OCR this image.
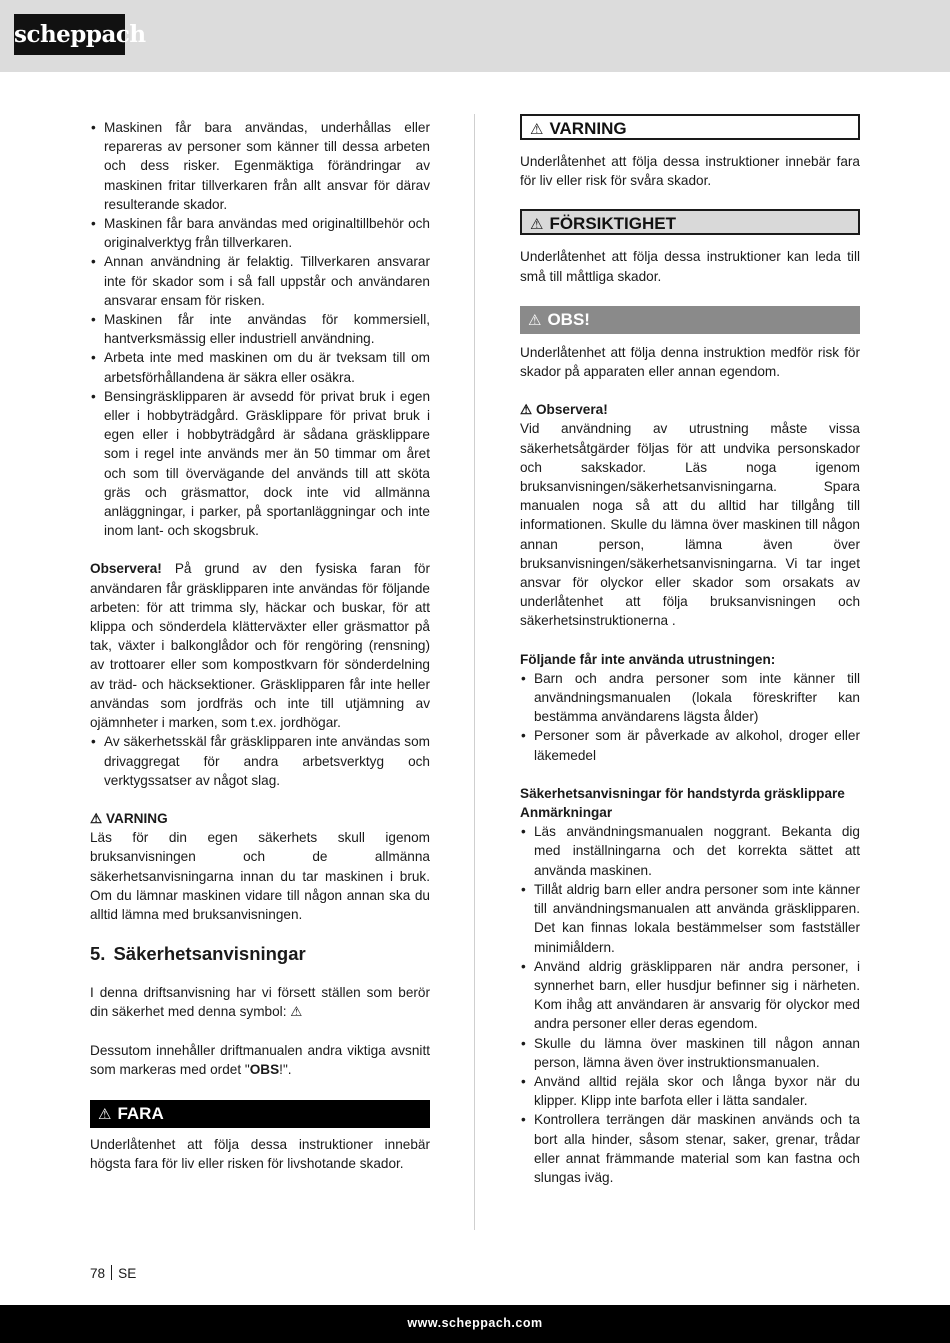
scheppach
• Maskinen får bara användas, underhållas eller repareras av personer som känner till dessa arbeten och dess risker. Egenmäktiga förändringar av maskinen fritar tillverkaren från allt ansvar för därav resulterande skador.
• Maskinen får bara användas med originaltillbehör och originalverktyg från tillverkaren.
• Annan användning är felaktig. Tillverkaren ansvarar inte för skador som i så fall uppstår och användaren ansvarar ensam för risken.
• Maskinen får inte användas för kommersiell, hantverksmässig eller industriell användning.
• Arbeta inte med maskinen om du är tveksam till om arbetsförhållandena är säkra eller osäkra.
• Bensingräsklipparen är avsedd för privat bruk i egen eller i hobbyträdgård. Gräsklippare för privat bruk i egen eller i hobbyträdgård är sådana gräsklippare som i regel inte används mer än 50 timmar om året och som till övervägande del används till att sköta gräs och gräsmattor, dock inte vid allmänna anläggningar, i parker, på sportanläggningar och inte inom lant- och skogsbruk.

Observera! På grund av den fysiska faran för användaren får gräsklipparen inte användas för följande arbeten: för att trimma sly, häckar och buskar, för att klippa och sönderdela klätterväxter eller gräsmattor på tak, växter i balkonglådor och för rengöring (rensning) av trottoarer eller som kompostkvarn för sönderdelning av träd- och häcksektioner. Gräsklipparen får inte heller användas som jordfräs och inte till utjämning av ojämnheter i marken, som t.ex. jordhögar.

• Av säkerhetsskäl får gräsklipparen inte användas som drivaggregat för andra arbetsverktyg och verktygssatser av något slag.

⚠ VARNING

Läs för din egen säkerhets skull igenom bruksanvisningen och de allmänna säkerhetsanvisningarna innan du tar maskinen i bruk. Om du lämnar maskinen vidare till någon annan ska du alltid lämna med bruksanvisningen.

5. Säkerhetsanvisningar

I denna driftsanvisning har vi försett ställen som berör din säkerhet med denna symbol: ⚠

Dessutom innehåller driftmanualen andra viktiga avsnitt som markeras med ordet "OBS!".

⚠ FARA

Underlåtenhet att följa dessa instruktioner innebär högsta fara för liv eller risken för livshotande skador.

⚠ VARNING

Underlåtenhet att följa dessa instruktioner innebär fara för liv eller risk för svåra skador.

⚠ FÖRSIKTIGHET

Underlåtenhet att följa dessa instruktioner kan leda till små till måttliga skador.

⚠ OBS!

Underlåtenhet att följa denna instruktion medför risk för skador på apparaten eller annan egendom.

⚠ Observera!

Vid användning av utrustning måste vissa säkerhetsåtgärder följas för att undvika personskador och sakskador. Läs noga igenom bruksanvisningen/säkerhetsanvisningarna. Spara manualen noga så att du alltid har tillgång till informationen. Skulle du lämna över maskinen till någon annan person, lämna även över bruksanvisningen/säkerhetsanvisningarna. Vi tar inget ansvar för olyckor eller skador som orsakats av underlåtenhet att följa bruksanvisningen och säkerhetsinstruktionerna .

Följande får inte använda utrustningen:

• Barn och andra personer som inte känner till användningsmanualen (lokala föreskrifter kan bestämma användarens lägsta ålder)
• Personer som är påverkade av alkohol, droger eller läkemedel

Säkerhetsanvisningar för handstyrda gräsklippare

Anmärkningar

• Läs användningsmanualen noggrant. Bekanta dig med inställningarna och det korrekta sättet att använda maskinen.
• Tillåt aldrig barn eller andra personer som inte känner till användningsmanualen att använda gräsklipparen. Det kan finnas lokala bestämmelser som fastställer minimiåldern.
• Använd aldrig gräsklipparen när andra personer, i synnerhet barn, eller husdjur befinner sig i närheten. Kom ihåg att användaren är ansvarig för olyckor med andra personer eller deras egendom.
• Skulle du lämna över maskinen till någon annan person, lämna även över instruktionsmanualen.
• Använd alltid rejäla skor och långa byxor när du klipper. Klipp inte barfota eller i lätta sandaler.
• Kontrollera terrängen där maskinen används och ta bort alla hinder, såsom stenar, saker, grenar, trådar eller annat främmande material som kan fastna och slungas iväg.
78 SE
www.scheppach.com
